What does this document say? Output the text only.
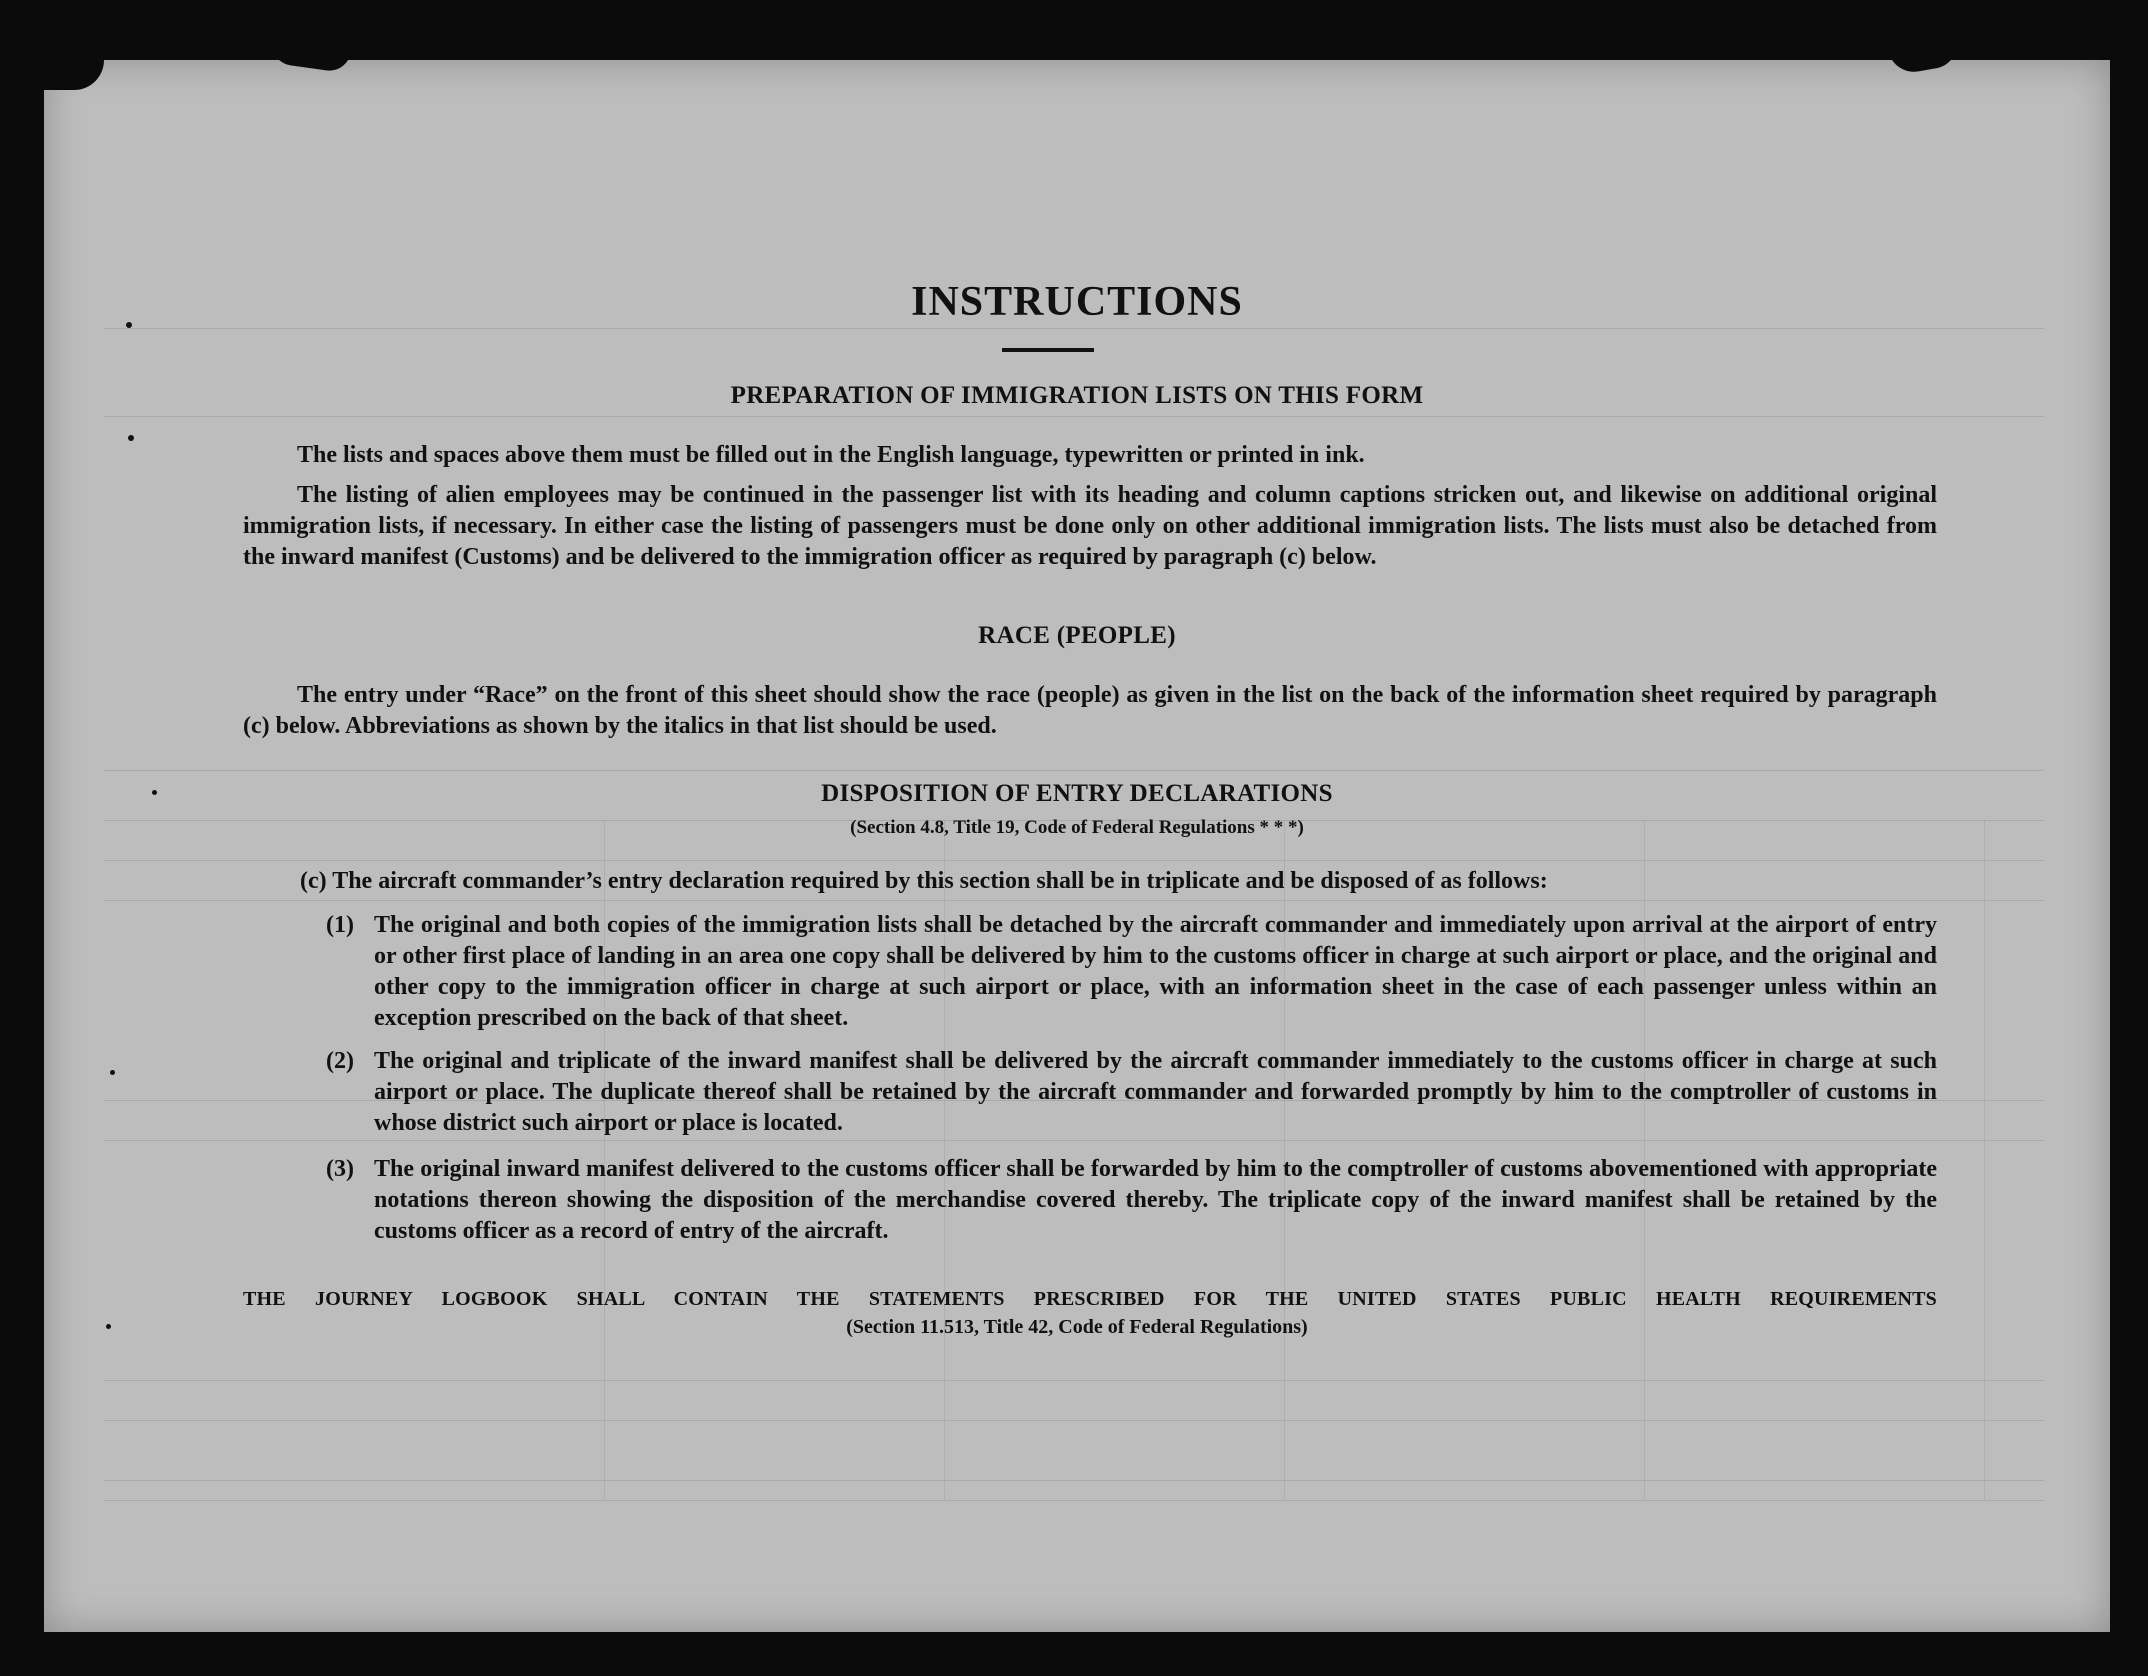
INSTRUCTIONS
PREPARATION OF IMMIGRATION LISTS ON THIS FORM
The lists and spaces above them must be filled out in the English language, typewritten or printed in ink.
The listing of alien employees may be continued in the passenger list with its heading and column captions stricken out, and likewise on additional original immigration lists, if necessary. In either case the listing of passengers must be done only on other additional immigration lists. The lists must also be detached from the inward manifest (Customs) and be delivered to the immigration officer as required by paragraph (c) below.
RACE (PEOPLE)
The entry under “Race” on the front of this sheet should show the race (people) as given in the list on the back of the information sheet required by paragraph (c) below. Abbreviations as shown by the italics in that list should be used.
DISPOSITION OF ENTRY DECLARATIONS
(Section 4.8, Title 19, Code of Federal Regulations * * *)
(c) The aircraft commander’s entry declaration required by this section shall be in triplicate and be disposed of as follows:
(1) The original and both copies of the immigration lists shall be detached by the aircraft commander and immediately upon arrival at the airport of entry or other first place of landing in an area one copy shall be delivered by him to the customs officer in charge at such airport or place, and the original and other copy to the immigration officer in charge at such airport or place, with an information sheet in the case of each passenger unless within an exception prescribed on the back of that sheet.
(2) The original and triplicate of the inward manifest shall be delivered by the aircraft commander immediately to the customs officer in charge at such airport or place. The duplicate thereof shall be retained by the aircraft commander and forwarded promptly by him to the comptroller of customs in whose district such airport or place is located.
(3) The original inward manifest delivered to the customs officer shall be forwarded by him to the comptroller of customs abovementioned with appropriate notations thereon showing the disposition of the merchandise covered thereby. The triplicate copy of the inward manifest shall be retained by the customs officer as a record of entry of the aircraft.
THE JOURNEY LOGBOOK SHALL CONTAIN THE STATEMENTS PRESCRIBED FOR THE UNITED STATES PUBLIC HEALTH REQUIREMENTS
(Section 11.513, Title 42, Code of Federal Regulations)
